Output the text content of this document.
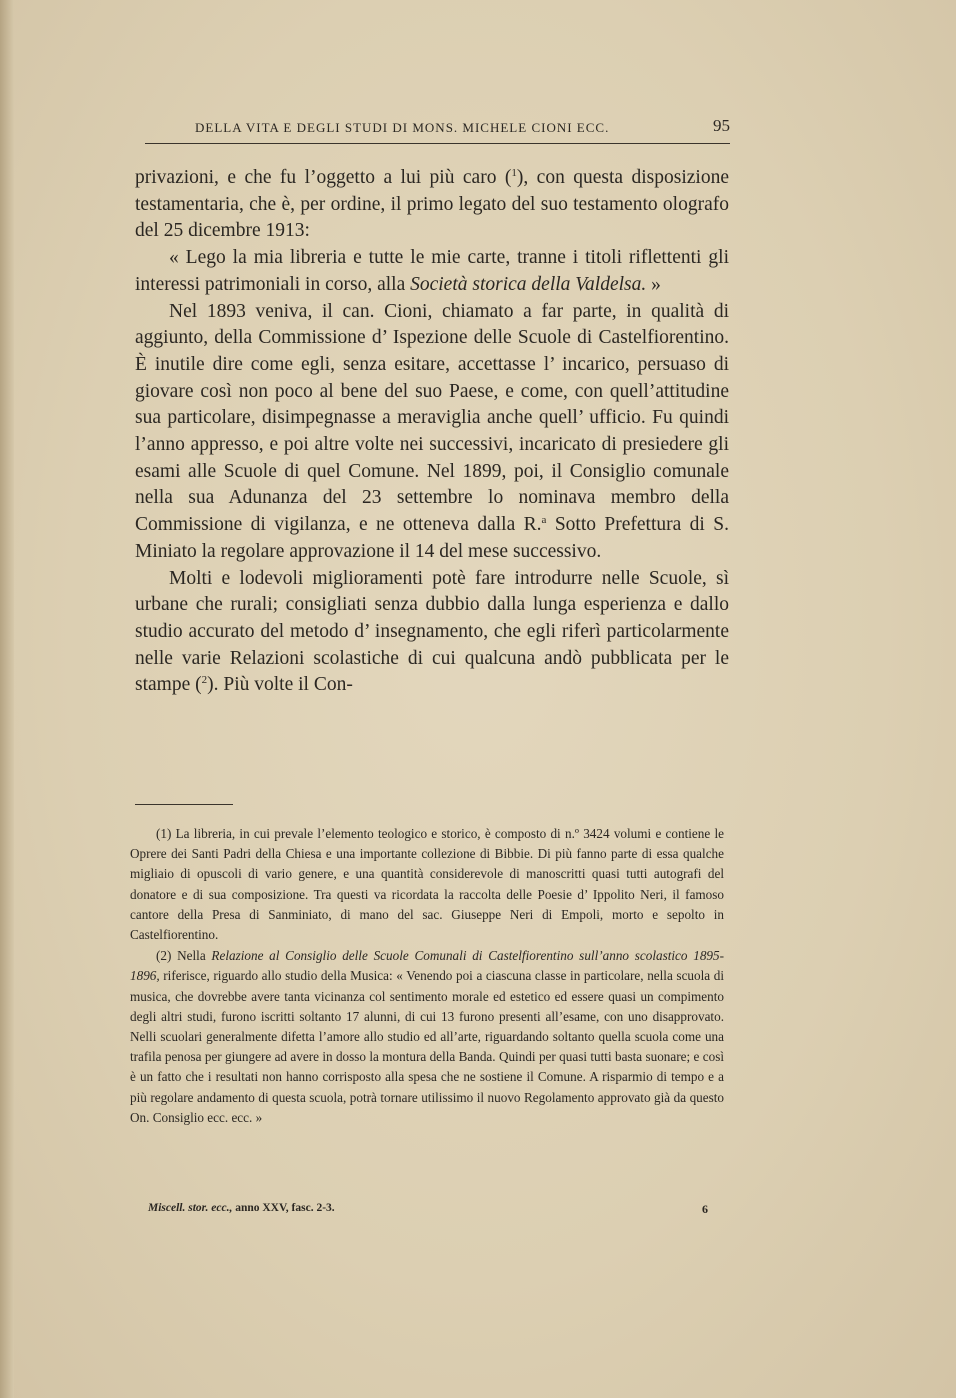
DELLA VITA E DEGLI STUDI DI MONS. MICHELE CIONI ECC.	95

privazioni, e che fu l’oggetto a lui più caro ($^1$), con questa disposizione testamentaria, che è, per ordine, il primo legato del suo testamento olografo del 25 dicembre 1913:

« Lego la mia libreria e tutte le mie carte, tranne i titoli riflettenti gli interessi patrimoniali in corso, alla Società storica della Valdelsa. »

Nel 1893 veniva, il can. Cioni, chiamato a far parte, in qualità di aggiunto, della Commissione d’ Ispezione delle Scuole di Castelfiorentino. È inutile dire come egli, senza esitare, accettasse l’ incarico, persuaso di giovare così non poco al bene del suo Paese, e come, con quell’attitudine sua particolare, disimpegnasse a meraviglia anche quell’ ufficio. Fu quindi l’anno appresso, e poi altre volte nei successivi, incaricato di presiedere gli esami alle Scuole di quel Comune. Nel 1899, poi, il Consiglio comunale nella sua Adunanza del 23 settembre lo nominava membro della Commissione di vigilanza, e ne otteneva dalla R.$^a$ Sotto Prefettura di S. Miniato la regolare approvazione il 14 del mese successivo.

Molti e lodevoli miglioramenti potè fare introdurre nelle Scuole, sì urbane che rurali; consigliati senza dubbio dalla lunga esperienza e dallo studio accurato del metodo d’ insegnamento, che egli riferì particolarmente nelle varie Relazioni scolastiche di cui qualcuna andò pubblicata per le stampe ($^2$). Più volte il Con-

(1) La libreria, in cui prevale l’elemento teologico e storico, è composto di n.º 3424 volumi e contiene le Oprere dei Santi Padri della Chiesa e una importante collezione di Bibbie. Di più fanno parte di essa qualche migliaio di opuscoli di vario genere, e una quantità considerevole di manoscritti quasi tutti autografi del donatore e di sua composizione. Tra questi va ricordata la raccolta delle Poesie d’ Ippolito Neri, il famoso cantore della Presa di Sanminiato, di mano del sac. Giuseppe Neri di Empoli, morto e sepolto in Castelfiorentino.

(2) Nella Relazione al Consiglio delle Scuole Comunali di Castelfiorentino sull’anno scolastico 1895-1896, riferisce, riguardo allo studio della Musica: « Venendo poi a ciascuna classe in particolare, nella scuola di musica, che dovrebbe avere tanta vicinanza col sentimento morale ed estetico ed essere quasi un compimento degli altri studi, furono iscritti soltanto 17 alunni, di cui 13 furono presenti all’esame, con uno disapprovato. Nelli scuolari generalmente difetta l’amore allo studio ed all’arte, riguardando soltanto quella scuola come una trafila penosa per giungere ad avere in dosso la montura della Banda. Quindi per quasi tutti basta suonare; e così è un fatto che i resultati non hanno corrisposto alla spesa che ne sostiene il Comune. A risparmio di tempo e a più regolare andamento di questa scuola, potrà tornare utilissimo il nuovo Regolamento approvato già da questo On. Consiglio ecc. ecc. »

Miscell. stor. ecc., anno XXV, fasc. 2-3.	6
